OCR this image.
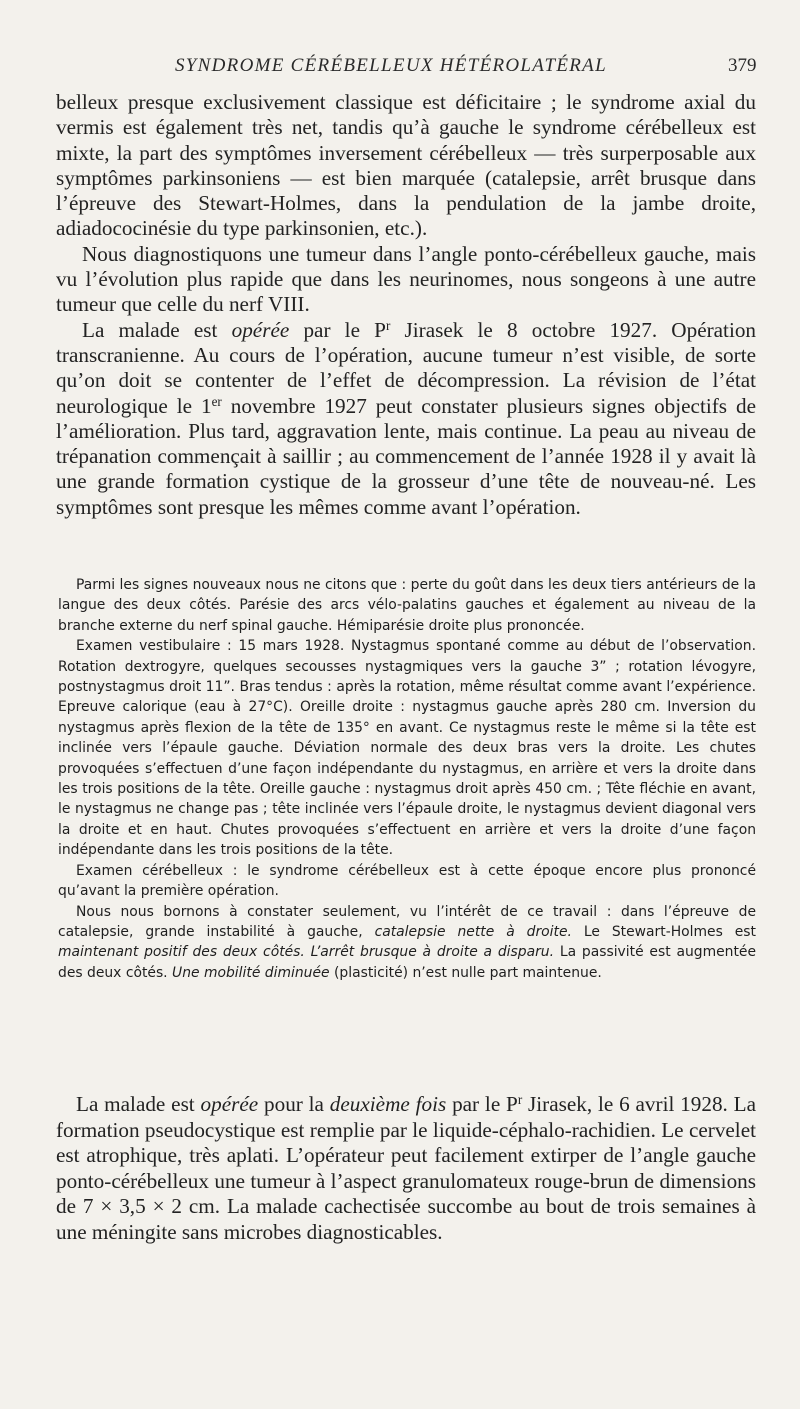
SYNDROME CÉRÉBELLEUX HÉTÉROLATÉRAL	379

belleux presque exclusivement classique est déficitaire ; le syndrome axial du vermis est également très net, tandis qu’à gauche le syndrome cérébelleux est mixte, la part des symptômes inversement cérébelleux — très surperposable aux symptômes parkinsoniens — est bien marquée (catalepsie, arrêt brusque dans l’épreuve des Stewart-Holmes, dans la pendulation de la jambe droite, adiadococinésie du type parkinsonien, etc.).

Nous diagnostiquons une tumeur dans l’angle ponto-cérébelleux gauche, mais vu l’évolution plus rapide que dans les neurinomes, nous songeons à une autre tumeur que celle du nerf VIII.

La malade est opérée par le $P^r$ Jirasek le 8 octobre 1927. Opération transcranienne. Au cours de l’opération, aucune tumeur n’est visible, de sorte qu’on doit se contenter de l’effet de décompression. La révision de l’état neurologique le 1er novembre 1927 peut constater plusieurs signes objectifs de l’amélioration. Plus tard, aggravation lente, mais continue. La peau au niveau de trépanation commençait à saillir ; au commencement de l’année 1928 il y avait là une grande formation cystique de la grosseur d’une tête de nouveau-né. Les symptômes sont presque les mêmes comme avant l’opération.

Parmi les signes nouveaux nous ne citons que : perte du goût dans les deux tiers antérieurs de la langue des deux côtés. Parésie des arcs vélo-palatins gauches et également au niveau de la branche externe du nerf spinal gauche. Hémiparésie droite plus prononcée.

Examen vestibulaire : 15 mars 1928. Nystagmus spontané comme au début de l’observation. Rotation dextrogyre, quelques secousses nystagmiques vers la gauche 3” ; rotation lévogyre, postnystagmus droit 11”. Bras tendus : après la rotation, même résultat comme avant l’expérience. Epreuve calorique (eau à 27°C). Oreille droite : nystagmus gauche après 280 cm. Inversion du nystagmus après flexion de la tête de 135° en avant. Ce nystagmus reste le même si la tête est inclinée vers l’épaule gauche. Déviation normale des deux bras vers la droite. Les chutes provoquées s’effectuen d’une façon indépendante du nystagmus, en arrière et vers la droite dans les trois positions de la tête. Oreille gauche : nystagmus droit après 450 cm. ; Tête fléchie en avant, le nystagmus ne change pas ; tête inclinée vers l’épaule droite, le nystagmus devient diagonal vers la droite et en haut. Chutes provoquées s’effectuent en arrière et vers la droite d’une façon indépendante dans les trois positions de la tête.

Examen cérébelleux : le syndrome cérébelleux est à cette époque encore plus prononcé qu’avant la première opération.

Nous nous bornons à constater seulement, vu l’intérêt de ce travail : dans l’épreuve de catalepsie, grande instabilité à gauche, catalepsie nette à droite. Le Stewart-Holmes est maintenant positif des deux côtés. L’arrêt brusque à droite a disparu. La passivité est augmentée des deux côtés. Une mobilité diminuée (plasticité) n’est nulle part maintenue.

La malade est opérée pour la deuxième fois par le $P^r$ Jirasek, le 6 avril 1928. La formation pseudocystique est remplie par le liquide-céphalo-rachidien. Le cervelet est atrophique, très aplati. L’opérateur peut facilement extirper de l’angle gauche ponto-cérébelleux une tumeur à l’aspect granulomateux rouge-brun de dimensions de 7 × 3,5 × 2 cm. La malade cachectisée succombe au bout de trois semaines à une méningite sans microbes diagnosticables.
